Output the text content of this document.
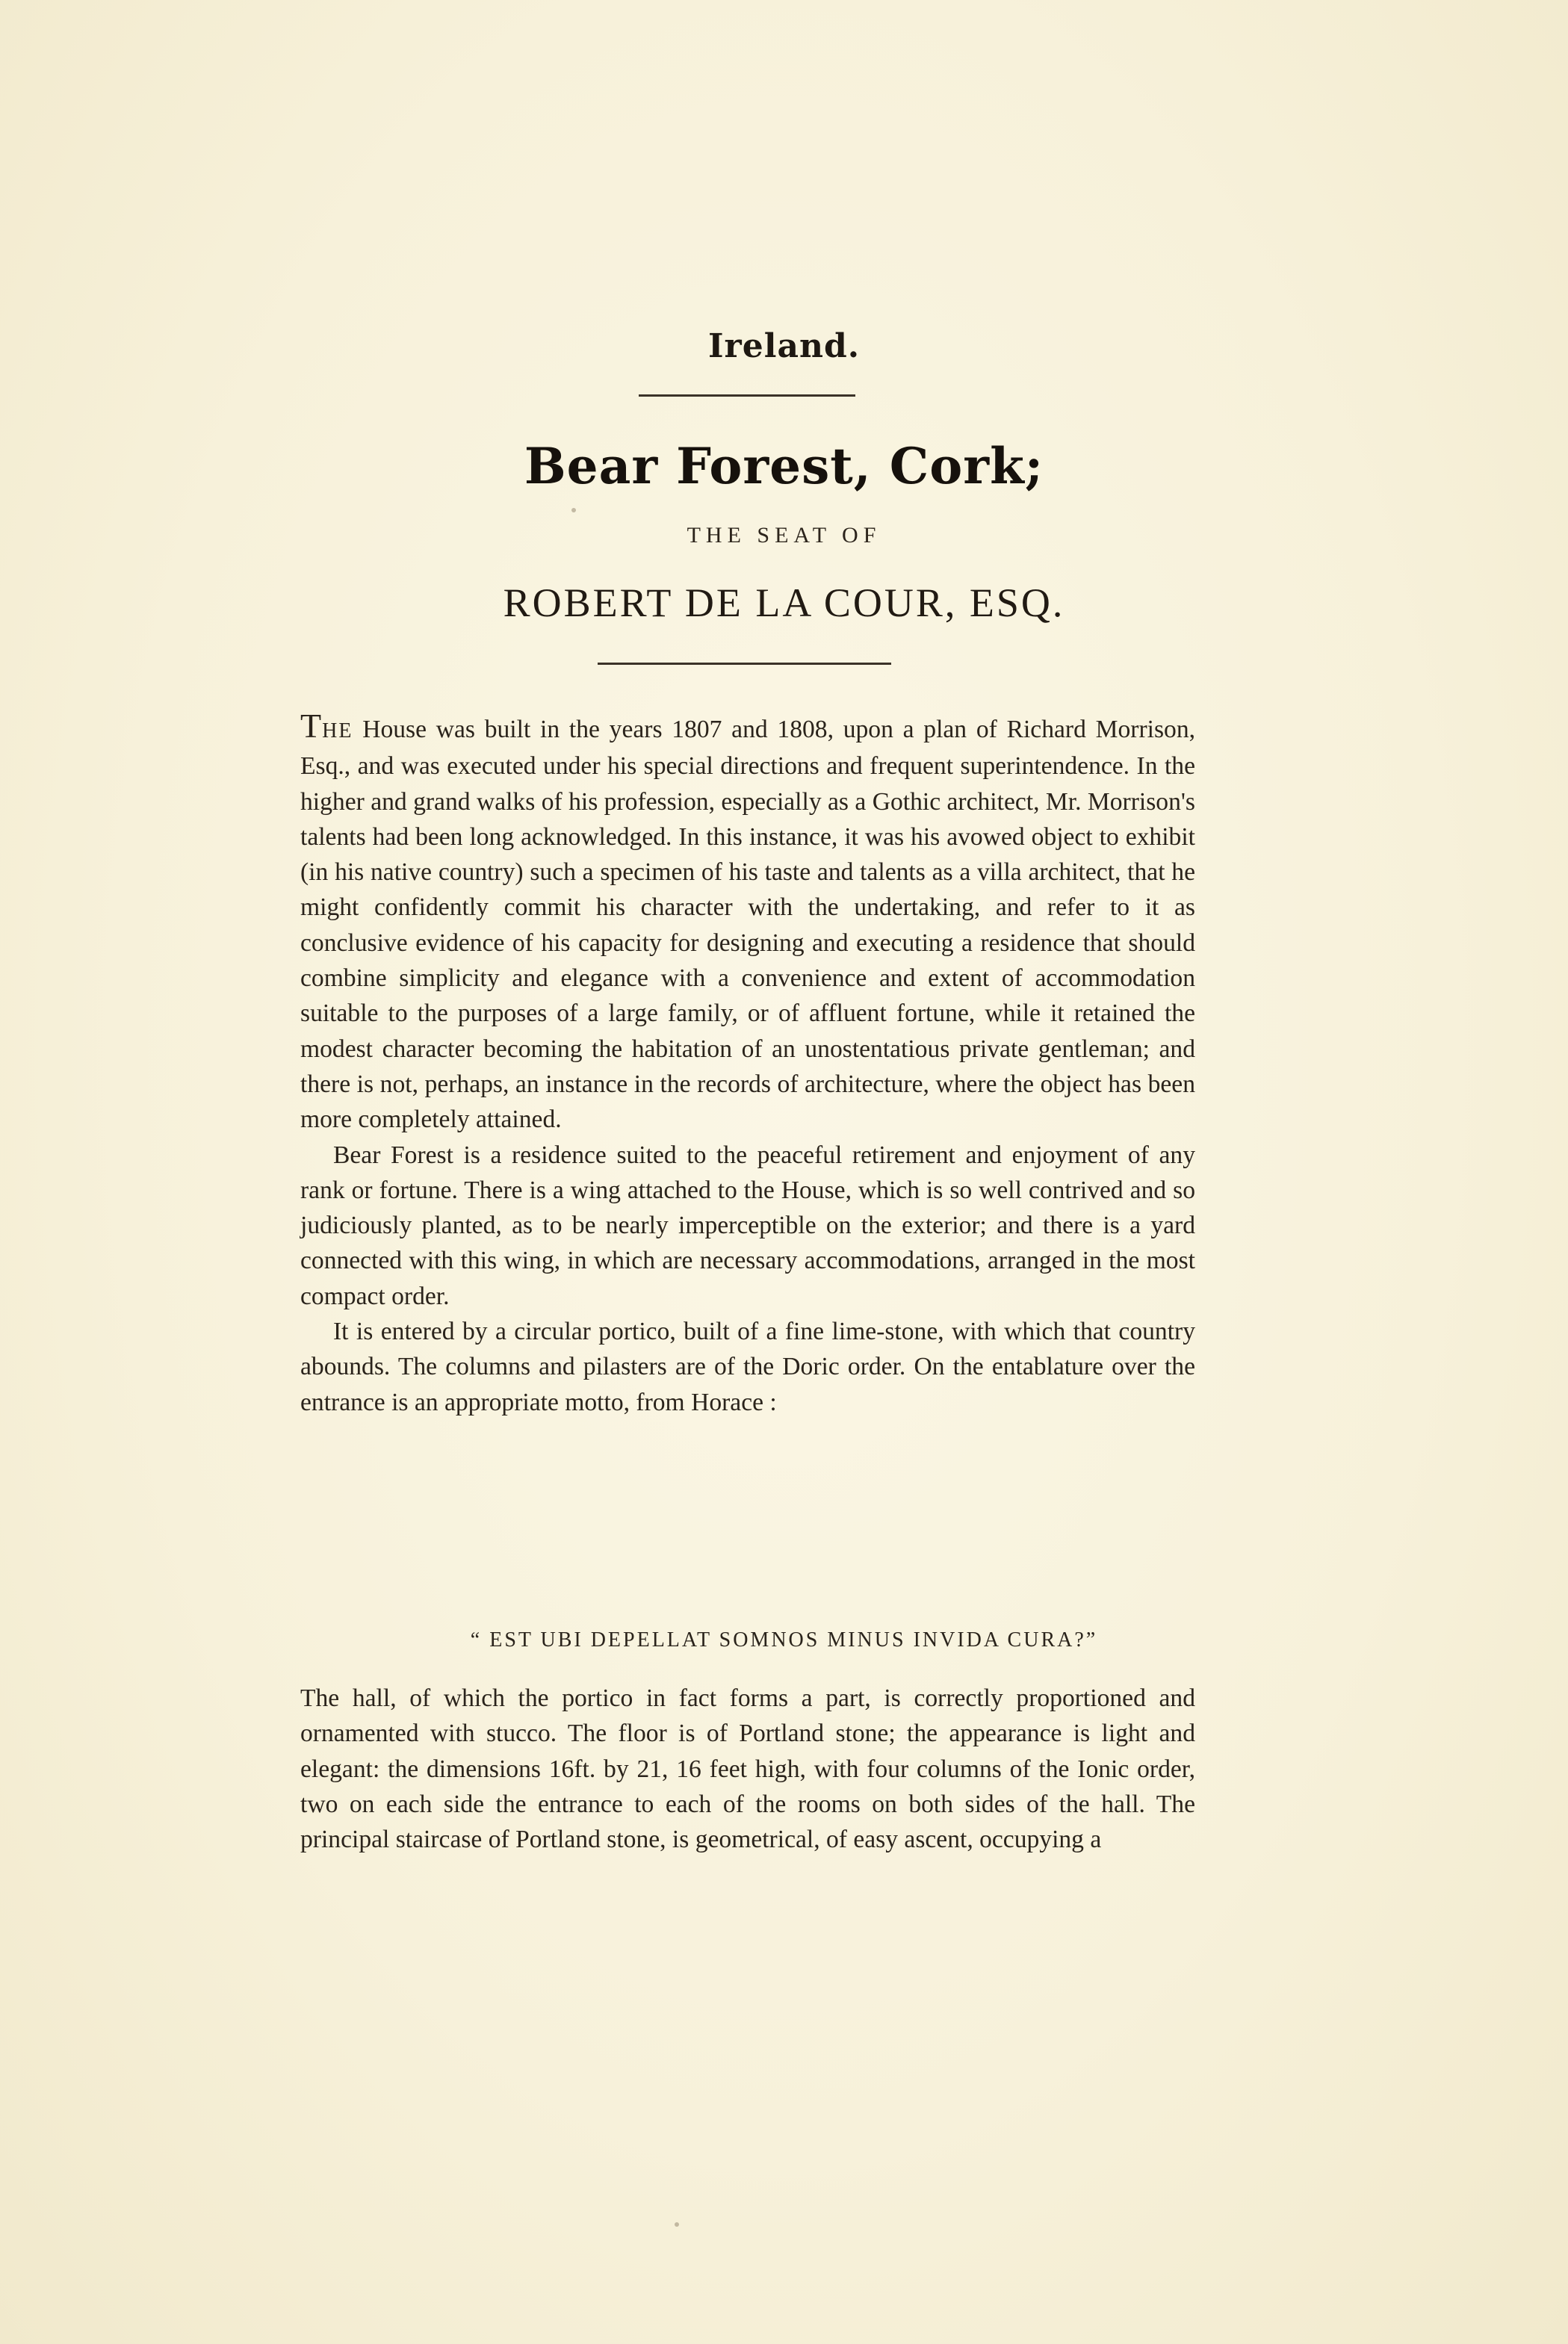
Ireland.
Bear Forest, Cork;
THE SEAT OF
ROBERT DE LA COUR, ESQ.

THE House was built in the years 1807 and 1808, upon a plan of Richard Morrison, Esq., and was executed under his special directions and frequent superintendence. In the higher and grand walks of his profession, especially as a Gothic architect, Mr. Morrison's talents had been long acknowledged. In this instance, it was his avowed object to exhibit (in his native country) such a specimen of his taste and talents as a villa architect, that he might confidently commit his character with the undertaking, and refer to it as conclusive evidence of his capacity for designing and executing a residence that should combine simplicity and elegance with a convenience and extent of accommodation suitable to the purposes of a large family, or of affluent fortune, while it retained the modest character becoming the habitation of an unostentatious private gentleman; and there is not, perhaps, an instance in the records of architecture, where the object has been more completely attained.

Bear Forest is a residence suited to the peaceful retirement and enjoyment of any rank or fortune. There is a wing attached to the House, which is so well contrived and so judiciously planted, as to be nearly imperceptible on the exterior; and there is a yard connected with this wing, in which are necessary accommodations, arranged in the most compact order.

It is entered by a circular portico, built of a fine lime-stone, with which that country abounds. The columns and pilasters are of the Doric order. On the entablature over the entrance is an appropriate motto, from Horace :

“ EST UBI DEPELLAT SOMNOS MINUS INVIDA CURA?”

The hall, of which the portico in fact forms a part, is correctly proportioned and ornamented with stucco. The floor is of Portland stone; the appearance is light and elegant: the dimensions 16ft. by 21, 16 feet high, with four columns of the Ionic order, two on each side the entrance to each of the rooms on both sides of the hall. The principal staircase of Portland stone, is geometrical, of easy ascent, occupying a
